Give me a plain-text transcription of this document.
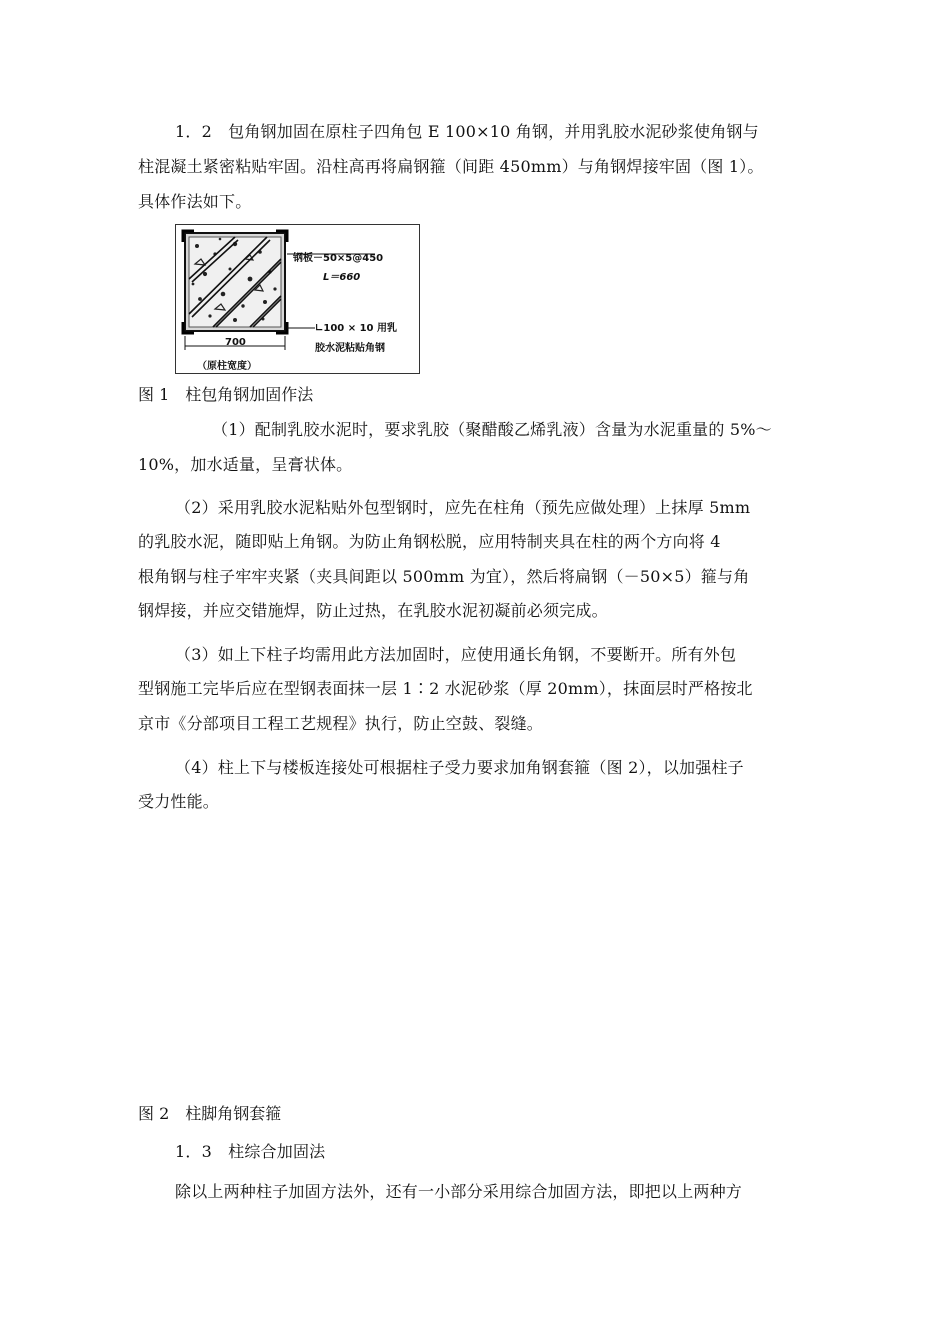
1．2　包角钢加固在原柱子四角包 E 100×10 角钢，并用乳胶水泥砂浆使角钢与
柱混凝土紧密粘贴牢固。沿柱高再将扁钢箍（间距 450mm）与角钢焊接牢固（图 1）。
具体作法如下。
钢板－50×5@450
L＝660
∟100 × 10 用乳
胶水泥粘贴角钢
700
（原柱宽度）
图 1　柱包角钢加固作法
（1）配制乳胶水泥时，要求乳胶（聚醋酸乙烯乳液）含量为水泥重量的 5%～
10%，加水适量，呈膏状体。
（2）采用乳胶水泥粘贴外包型钢时，应先在柱角（预先应做处理）上抹厚 5mm
的乳胶水泥，随即贴上角钢。为防止角钢松脱，应用特制夹具在柱的两个方向将 4
根角钢与柱子牢牢夹紧（夹具间距以 500mm 为宜），然后将扁钢（－50×5）箍与角
钢焊接，并应交错施焊，防止过热，在乳胶水泥初凝前必须完成。
（3）如上下柱子均需用此方法加固时，应使用通长角钢，不要断开。所有外包
型钢施工完毕后应在型钢表面抹一层 1∶2 水泥砂浆（厚 20mm），抹面层时严格按北
京市《分部项目工程工艺规程》执行，防止空鼓、裂缝。
（4）柱上下与楼板连接处可根据柱子受力要求加角钢套箍（图 2），以加强柱子
受力性能。
图 2　柱脚角钢套箍
1．3　柱综合加固法
除以上两种柱子加固方法外，还有一小部分采用综合加固方法，即把以上两种方
